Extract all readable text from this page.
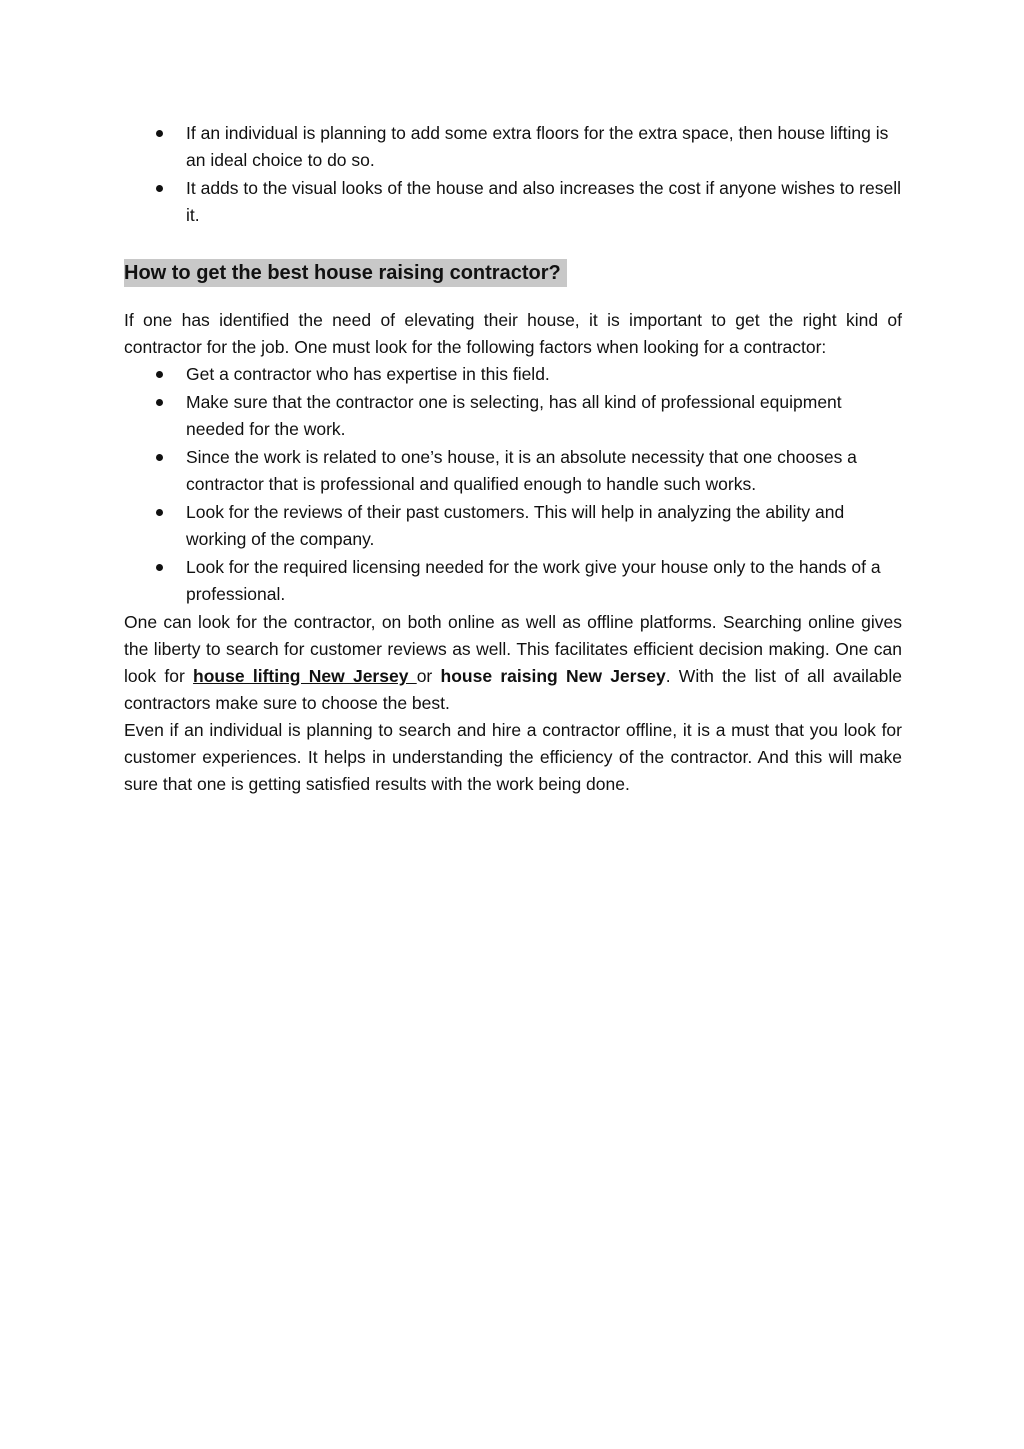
If an individual is planning to add some extra floors for the extra space, then house lifting is an ideal choice to do so.
It adds to the visual looks of the house and also increases the cost if anyone wishes to resell it.
How to get the best house raising contractor?

If one has identified the need of elevating their house, it is important to get the right kind of contractor for the job. One must look for the following factors when looking for a contractor:

Get a contractor who has expertise in this field.
Make sure that the contractor one is selecting, has all kind of professional equipment needed for the work.
Since the work is related to one’s house, it is an absolute necessity that one chooses a contractor that is professional and qualified enough to handle such works.
Look for the reviews of their past customers. This will help in analyzing the ability and working of the company.
Look for the required licensing needed for the work give your house only to the hands of a professional.

One can look for the contractor, on both online as well as offline platforms. Searching online gives the liberty to search for customer reviews as well. This facilitates efficient decision making. One can look for house lifting New Jersey or house raising New Jersey. With the list of all available contractors make sure to choose the best.

Even if an individual is planning to search and hire a contractor offline, it is a must that you look for customer experiences. It helps in understanding the efficiency of the contractor. And this will make sure that one is getting satisfied results with the work being done.
